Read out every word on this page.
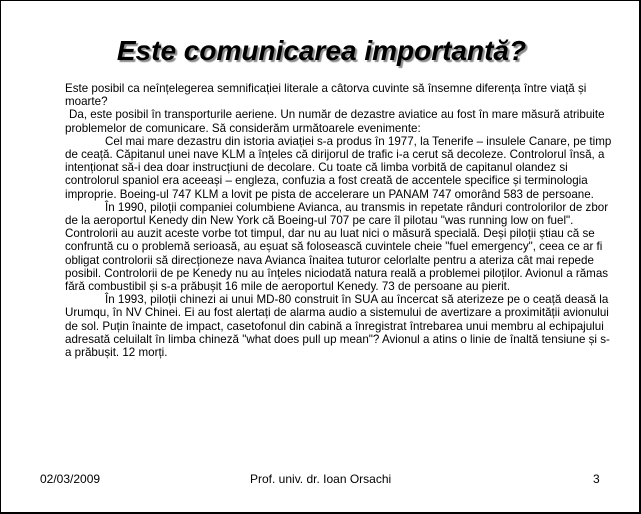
Este comunicarea importantă?

Este posibil ca neînțelegerea semnificației literale a câtorva cuvinte să însemne diferența între viață și moarte?

Da, este posibil în transporturile aeriene. Un număr de dezastre aviatice au fost în mare măsură atribuite problemelor de comunicare. Să considerăm următoarele evenimente:

Cel mai mare dezastru din istoria aviației s-a produs în 1977, la Tenerife – insulele Canare, pe timp de ceață. Căpitanul unei nave KLM a înțeles că dirijorul de trafic i-a cerut să decoleze. Controlorul însă, a intenționat să-i dea doar instrucțiuni de decolare. Cu toate că limba vorbită de capitanul olandez si controlorul spaniol era aceeași – engleza, confuzia a fost creată de accentele specifice și terminologia improprie. Boeing-ul 747 KLM a lovit pe pista de accelerare un PANAM 747 omorând 583 de persoane.

În 1990, piloții companiei columbiene Avianca, au transmis in repetate rânduri controlorilor de zbor de la aeroportul Kenedy din New York că Boeing-ul 707 pe care îl pilotau "was running low on fuel". Controlorii au auzit aceste vorbe tot timpul, dar nu au luat nici o măsură specială. Deși piloții știau că se confruntă cu o problemă serioasă, au eșuat să folosească cuvintele cheie "fuel emergency", ceea ce ar fi obligat controlorii să direcționeze nava Avianca înaitea tuturor celorlalte pentru a ateriza cât mai repede posibil. Controlorii de pe Kenedy nu au înțeles niciodată natura reală a problemei piloților. Avionul a rămas fără combustibil și s-a prăbușit 16 mile de aeroportul Kenedy. 73 de persoane au pierit.

În 1993, piloții chinezi ai unui MD-80 construit în SUA au încercat să aterizeze pe o ceață deasă la Urumqu, în NV Chinei. Ei au fost alertați de alarma audio a sistemului de avertizare a proximității avionului de sol. Puțin înainte de impact, casetofonul din cabină a înregistrat întrebarea unui membru al echipajului adresată celuilalt în limba chineză "what does pull up mean"? Avionul a atins o linie de înaltă tensiune și s-a prăbușit. 12 morți.

02/03/2009	Prof. univ. dr. Ioan Orsachi	3
